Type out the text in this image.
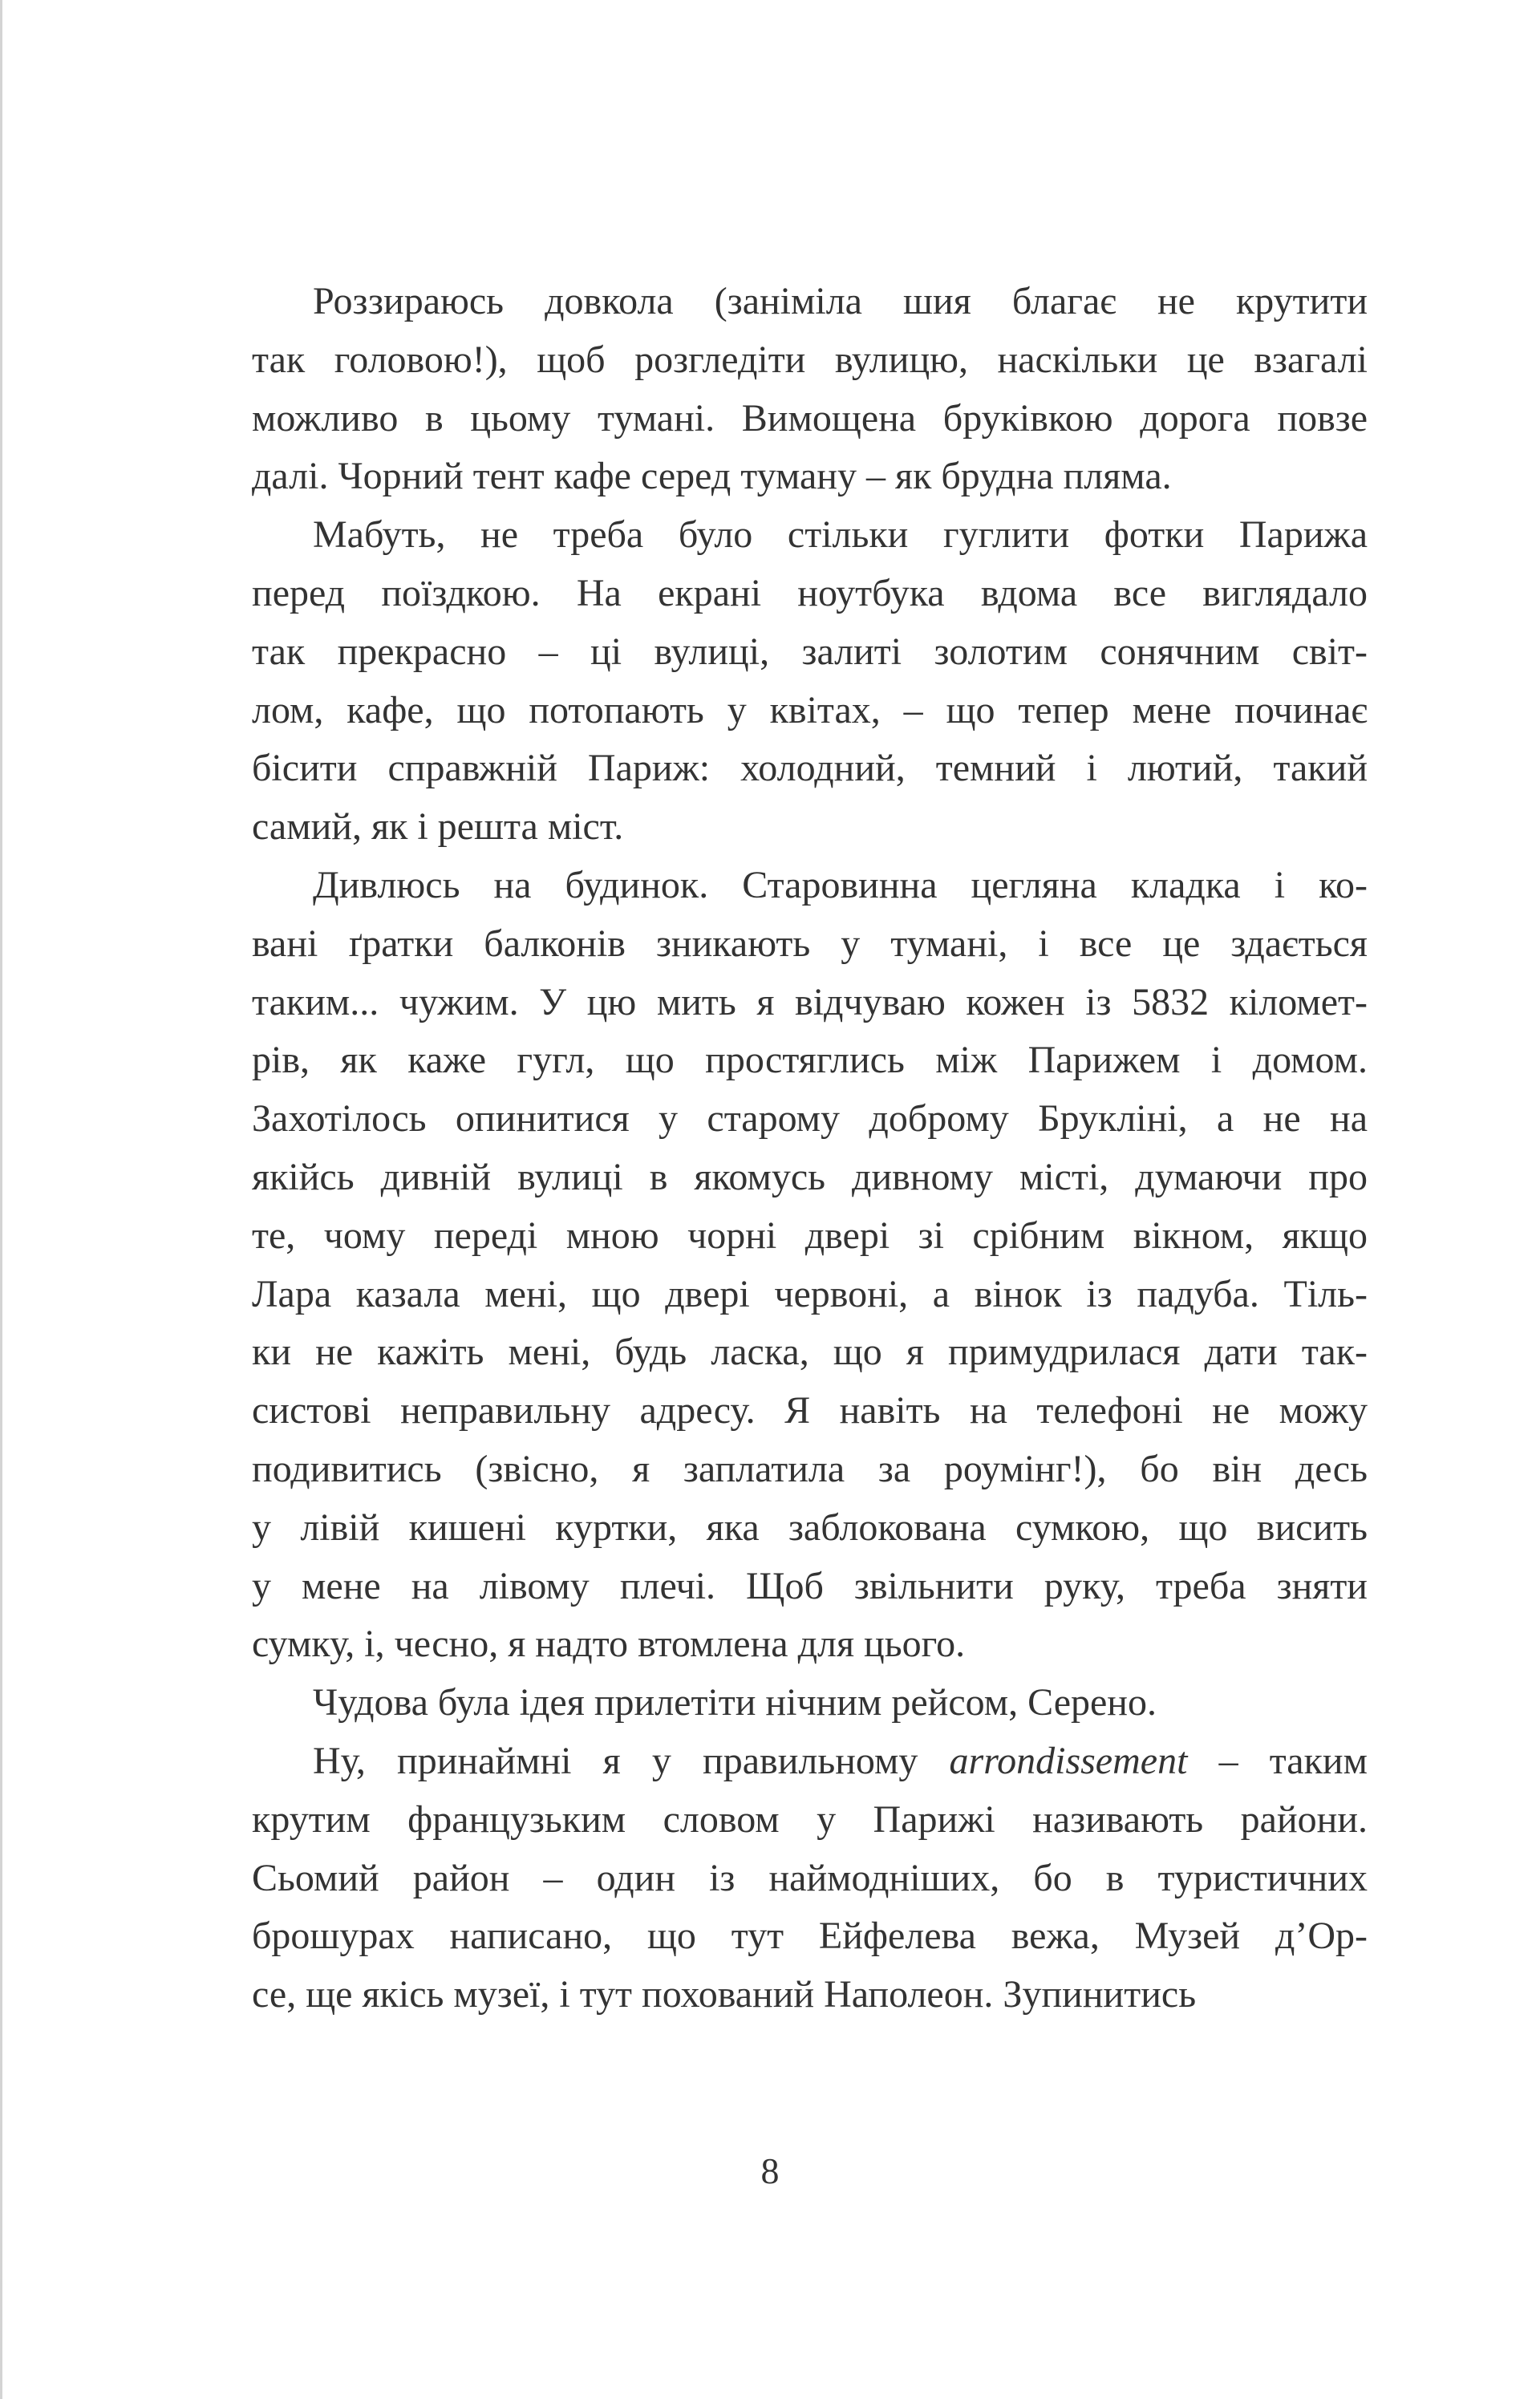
Роззираюсь довкола (заніміла шия благає не крутити
так головою!), щоб розгледіти вулицю, наскільки це взагалі
можливо в цьому тумані. Вимощена бруківкою дорога повзе
далі. Чорний тент кафе серед туману – як брудна пляма.
Мабуть, не треба було стільки гуглити фотки Парижа
перед поїздкою. На екрані ноутбука вдома все виглядало
так прекрасно – ці вулиці, залиті золотим сонячним світ-
лом, кафе, що потопають у квітах, – що тепер мене починає
бісити справжній Париж: холодний, темний і лютий, такий
самий, як і решта міст.
Дивлюсь на будинок. Старовинна цегляна кладка і ко-
вані ґратки балконів зникають у тумані, і все це здається
таким... чужим. У цю мить я відчуваю кожен із 5832 кіломет-
рів, як каже гугл, що простяглись між Парижем і домом.
Захотілось опинитися у старому доброму Брукліні, а не на
якійсь дивній вулиці в якомусь дивному місті, думаючи про
те, чому переді мною чорні двері зі срібним вікном, якщо
Лара казала мені, що двері червоні, а вінок із падуба. Тіль-
ки не кажіть мені, будь ласка, що я примудрилася дати так-
систові неправильну адресу. Я навіть на телефоні не можу
подивитись (звісно, я заплатила за роумінг!), бо він десь
у лівій кишені куртки, яка заблокована сумкою, що висить
у мене на лівому плечі. Щоб звільнити руку, треба зняти
сумку, і, чесно, я надто втомлена для цього.
Чудова була ідея прилетіти нічним рейсом, Серено.
Ну, принаймні я у правильному arrondissement – таким
крутим французьким словом у Парижі називають райони.
Сьомий район – один із наймодніших, бо в туристичних
брошурах написано, що тут Ейфелева вежа, Музей д’Ор-
се, ще якісь музеї, і тут похований Наполеон. Зупинитись
8
